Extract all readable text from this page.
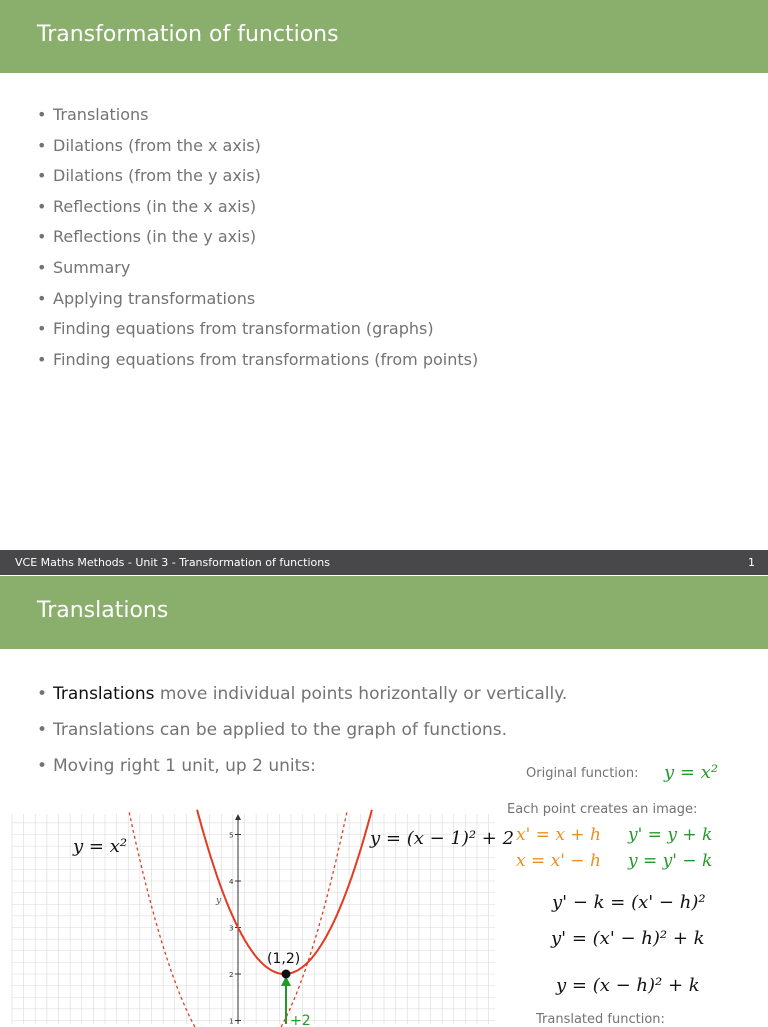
Transformation of functions
• Translations
• Dilations (from the x axis)
• Dilations (from the y axis)
• Reflections (in the x axis)
• Reflections (in the y axis)
• Summary
• Applying transformations
• Finding equations from transformation (graphs)
• Finding equations from transformations (from points)
VCE Maths Methods - Unit 3 - Transformation of functions	1
Translations
• Translations move individual points horizontally or vertically.
• Translations can be applied to the graph of functions.
• Moving right 1 unit, up 2 units:	Original function: y = x²
Each point creates an image:
x' = x + h y' = y + k
x = x' − h y = y' − k
y' − k = (x' − h)²
y' = (x' − h)² + k
y = (x − h)² + k
Translated function:
1
2
3
4
5
(1,2)
+2
y
y = x²	y = (x − 1)² + 2
